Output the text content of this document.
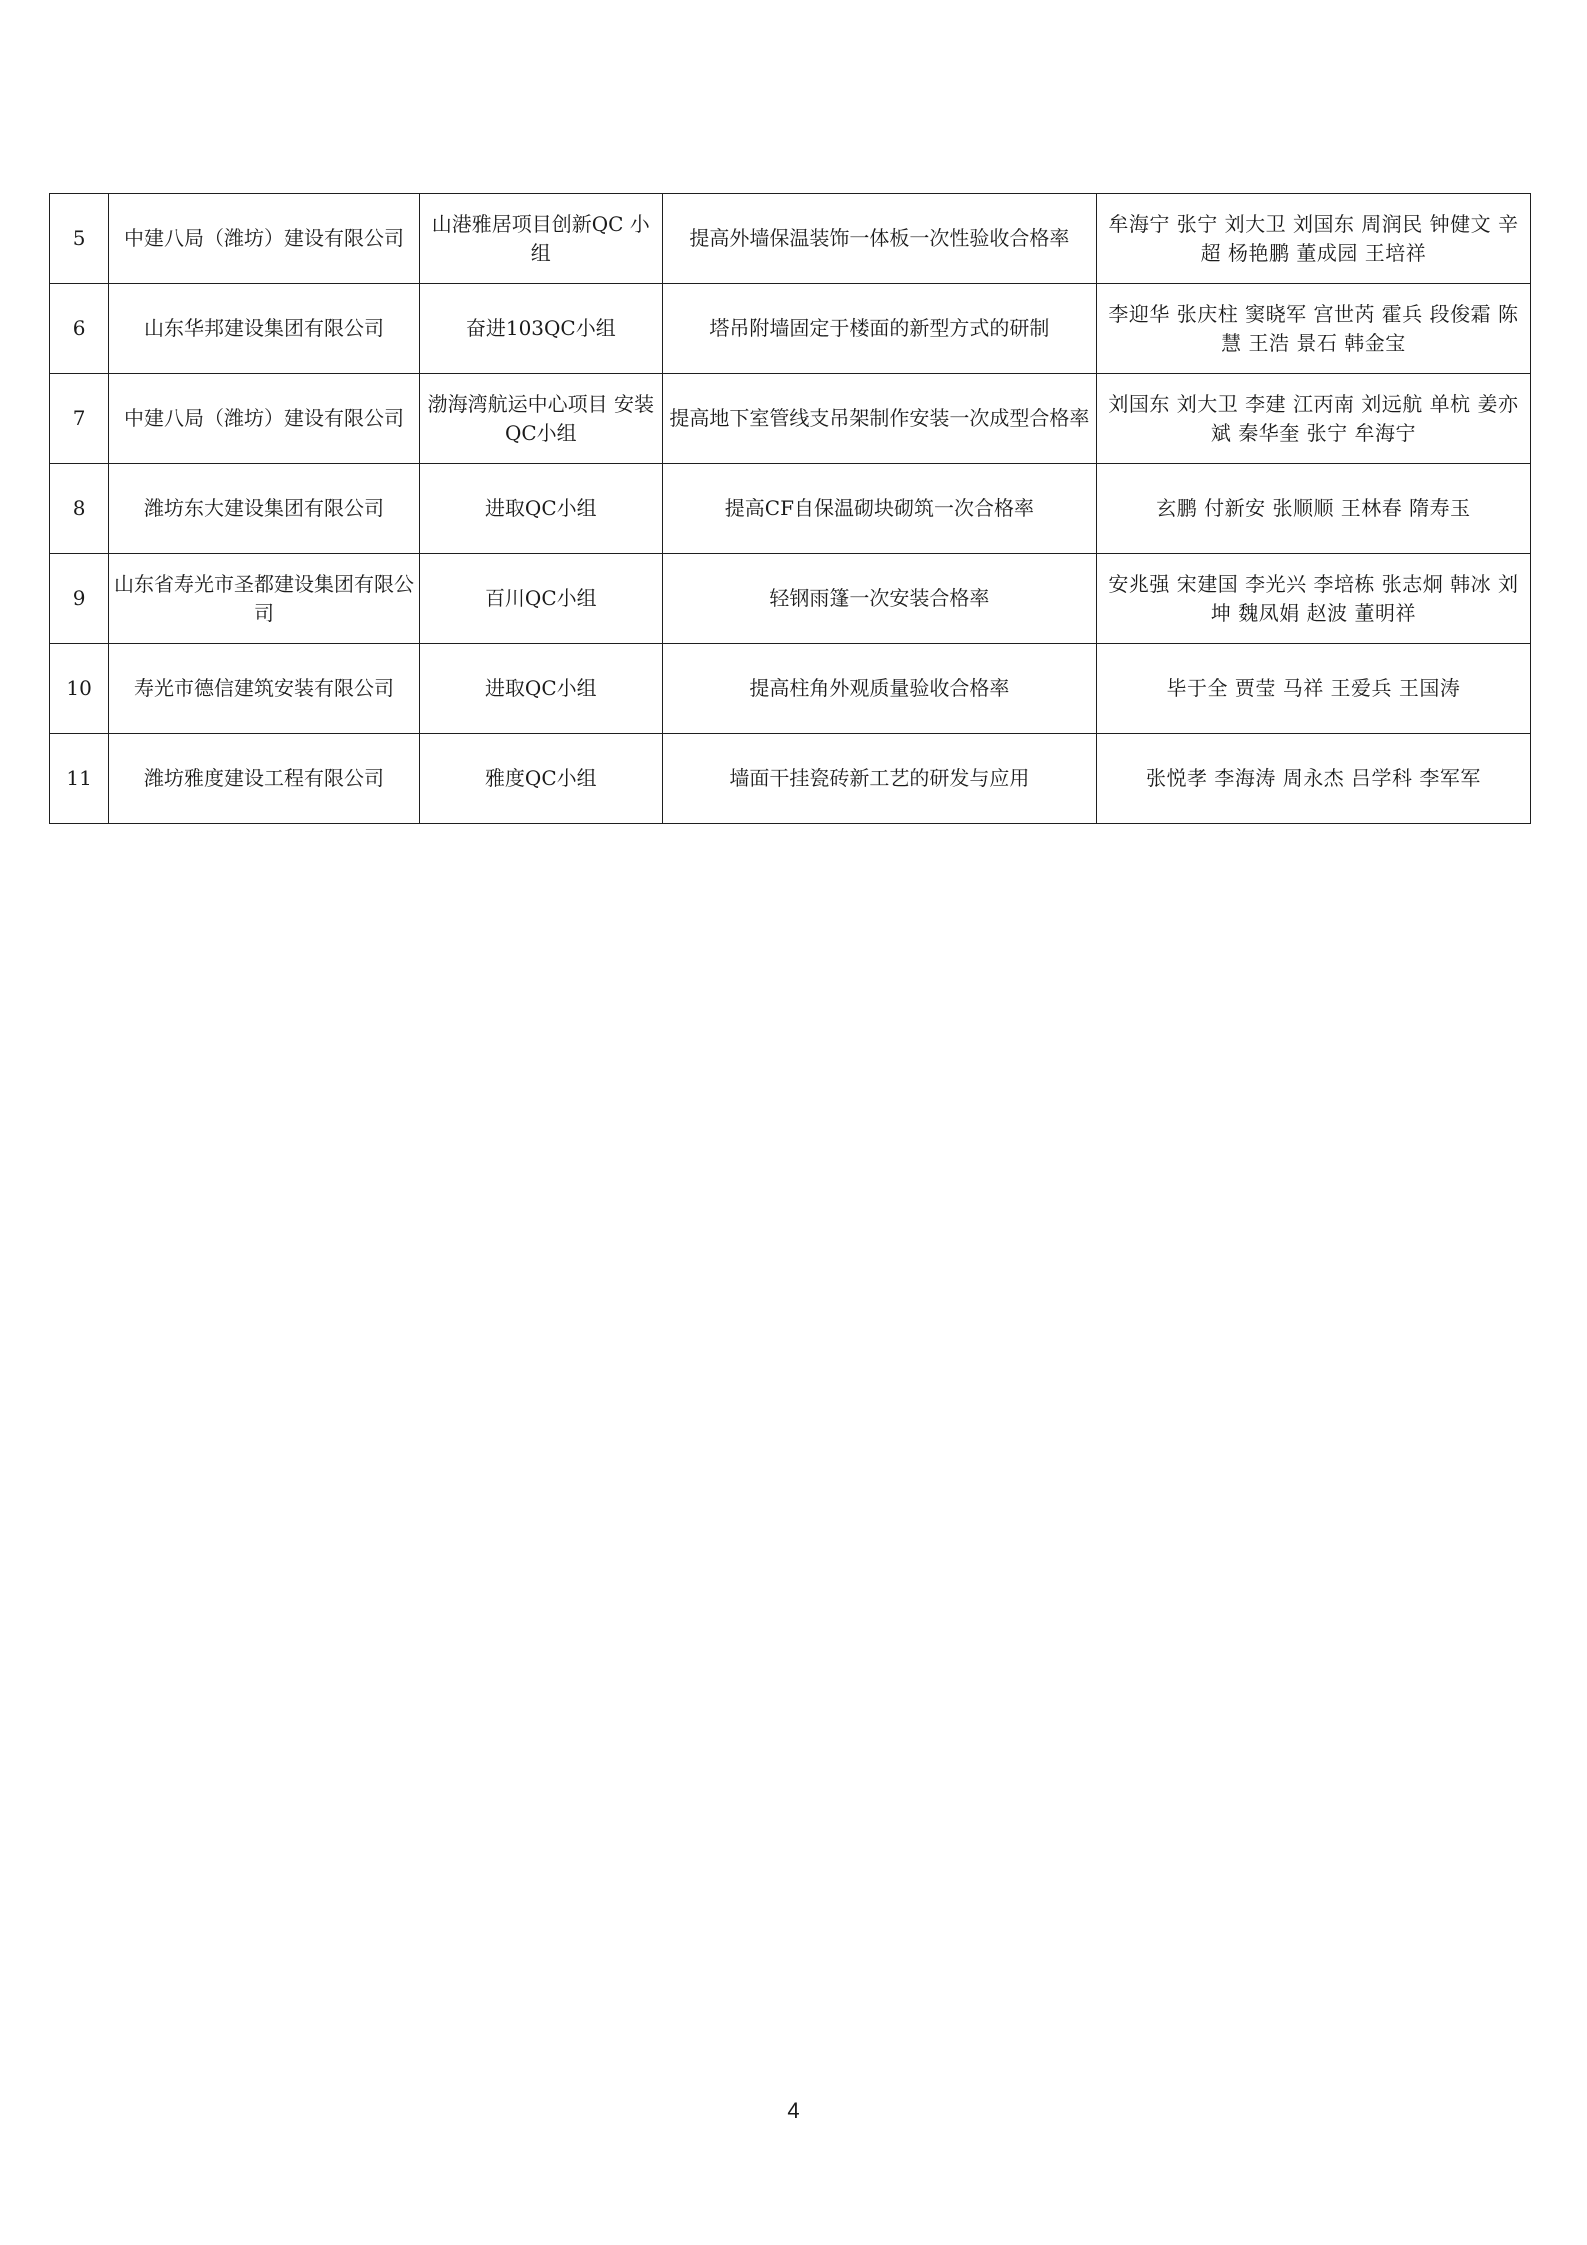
5	中建八局（潍坊）建设有限公司	山港雅居项目创新QC 小组	提高外墙保温装饰一体板一次性验收合格率	牟海宁 张宁 刘大卫 刘国东 周润民 钟健文 辛超 杨艳鹏 董成园 王培祥
6	山东华邦建设集团有限公司	奋进103QC小组	塔吊附墙固定于楼面的新型方式的研制	李迎华 张庆柱 窦晓军 宫世芮 霍兵 段俊霜 陈慧 王浩 景石 韩金宝
7	中建八局（潍坊）建设有限公司	渤海湾航运中心项目 安装QC小组	提高地下室管线支吊架制作安装一次成型合格率	刘国东 刘大卫 李建 江丙南 刘远航 单杭 姜亦斌 秦华奎 张宁 牟海宁
8	潍坊东大建设集团有限公司	进取QC小组	提高CF自保温砌块砌筑一次合格率	玄鹏 付新安 张顺顺 王林春 隋寿玉
9	山东省寿光市圣都建设集团有限公司	百川QC小组	轻钢雨篷一次安装合格率	安兆强 宋建国 李光兴 李培栋 张志炯 韩冰 刘坤 魏凤娟 赵波 董明祥
10	寿光市德信建筑安装有限公司	进取QC小组	提高柱角外观质量验收合格率	毕于全 贾莹 马祥 王爱兵 王国涛
11	潍坊雅度建设工程有限公司	雅度QC小组	墙面干挂瓷砖新工艺的研发与应用	张悦孝 李海涛 周永杰 吕学科 李军军
4
